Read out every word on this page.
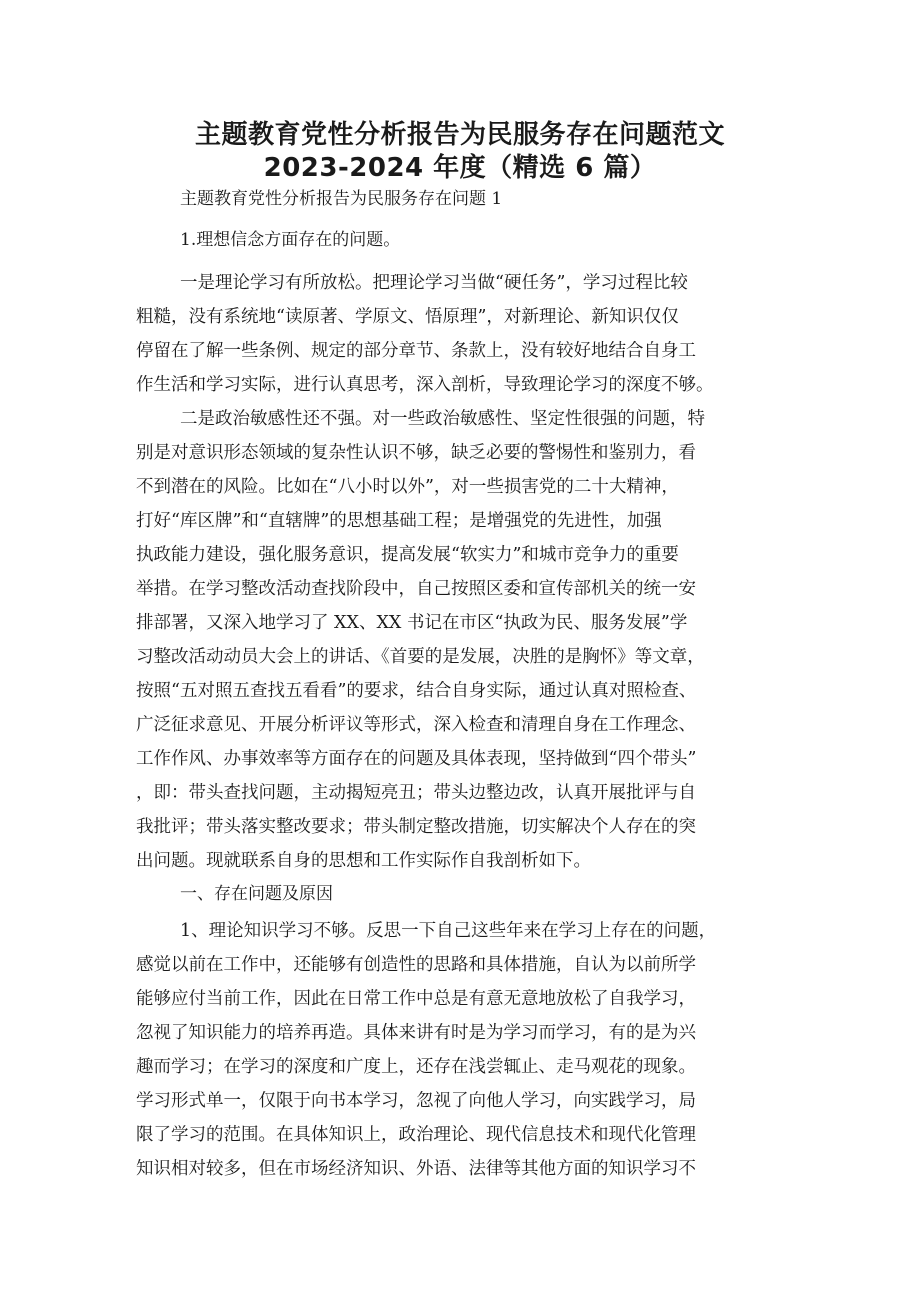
主题教育党性分析报告为民服务存在问题范文
2023-2024 年度（精选 6 篇）

主题教育党性分析报告为民服务存在问题 1

1.理想信念方面存在的问题。

一是理论学习有所放松。把理论学习当做“硬任务”，学习过程比较

粗糙，没有系统地“读原著、学原文、悟原理”，对新理论、新知识仅仅

停留在了解一些条例、规定的部分章节、条款上，没有较好地结合自身工

作生活和学习实际，进行认真思考，深入剖析，导致理论学习的深度不够。

二是政治敏感性还不强。对一些政治敏感性、坚定性很强的问题，特

别是对意识形态领域的复杂性认识不够，缺乏必要的警惕性和鉴别力，看

不到潜在的风险。比如在“八小时以外”，对一些损害党的二十大精神，

打好“库区牌”和“直辖牌”的思想基础工程；是增强党的先进性，加强

执政能力建设，强化服务意识，提高发展“软实力”和城市竞争力的重要

举措。在学习整改活动查找阶段中，自己按照区委和宣传部机关的统一安

排部署，又深入地学习了 XX、XX 书记在市区“执政为民、服务发展”学

习整改活动动员大会上的讲话、《首要的是发展，决胜的是胸怀》等文章，

按照“五对照五查找五看看”的要求，结合自身实际，通过认真对照检查、

广泛征求意见、开展分析评议等形式，深入检查和清理自身在工作理念、

工作作风、办事效率等方面存在的问题及具体表现，坚持做到“四个带头”

，即：带头查找问题，主动揭短亮丑；带头边整边改，认真开展批评与自

我批评；带头落实整改要求；带头制定整改措施，切实解决个人存在的突

出问题。现就联系自身的思想和工作实际作自我剖析如下。

一、存在问题及原因

1、理论知识学习不够。反思一下自己这些年来在学习上存在的问题，

感觉以前在工作中，还能够有创造性的思路和具体措施，自认为以前所学

能够应付当前工作，因此在日常工作中总是有意无意地放松了自我学习，

忽视了知识能力的培养再造。具体来讲有时是为学习而学习，有的是为兴

趣而学习；在学习的深度和广度上，还存在浅尝辄止、走马观花的现象。

学习形式单一，仅限于向书本学习，忽视了向他人学习，向实践学习，局

限了学习的范围。在具体知识上，政治理论、现代信息技术和现代化管理

知识相对较多，但在市场经济知识、外语、法律等其他方面的知识学习不
